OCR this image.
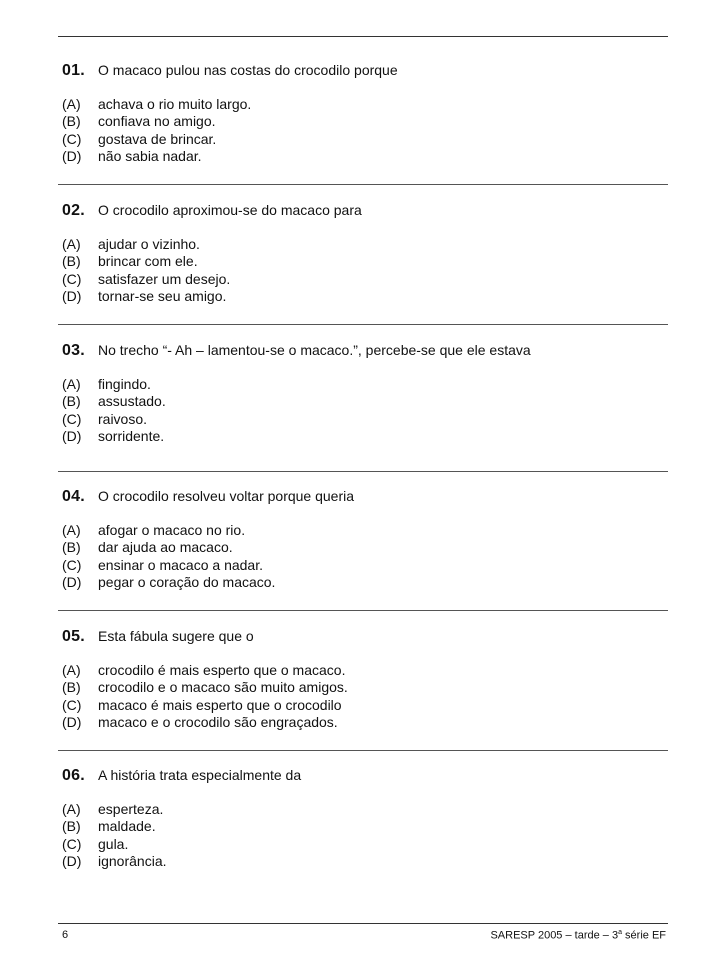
01. O macaco pulou nas costas do crocodilo porque
(A)	achava o rio muito largo.
(B)	confiava no amigo.
(C)	gostava de brincar.
(D)	não sabia nadar.
02. O crocodilo aproximou-se do macaco para
(A)	ajudar o vizinho.
(B)	brincar com ele.
(C)	satisfazer um desejo.
(D)	tornar-se seu amigo.
03. No trecho “- Ah – lamentou-se o macaco.”, percebe-se que ele estava
(A)	fingindo.
(B)	assustado.
(C)	raivoso.
(D)	sorridente.
04. O crocodilo resolveu voltar porque queria
(A)	afogar o macaco no rio.
(B)	dar ajuda ao macaco.
(C)	ensinar o macaco a nadar.
(D)	pegar o coração do macaco.
05. Esta fábula sugere que o
(A)	crocodilo é mais esperto que o macaco.
(B)	crocodilo e o macaco são muito amigos.
(C)	macaco é mais esperto que o crocodilo
(D)	macaco e o crocodilo são engraçados.
06. A história trata especialmente da
(A)	esperteza.
(B)	maldade.
(C)	gula.
(D)	ignorância.
6	SARESP 2005 – tarde – 3$^a$ série EF
